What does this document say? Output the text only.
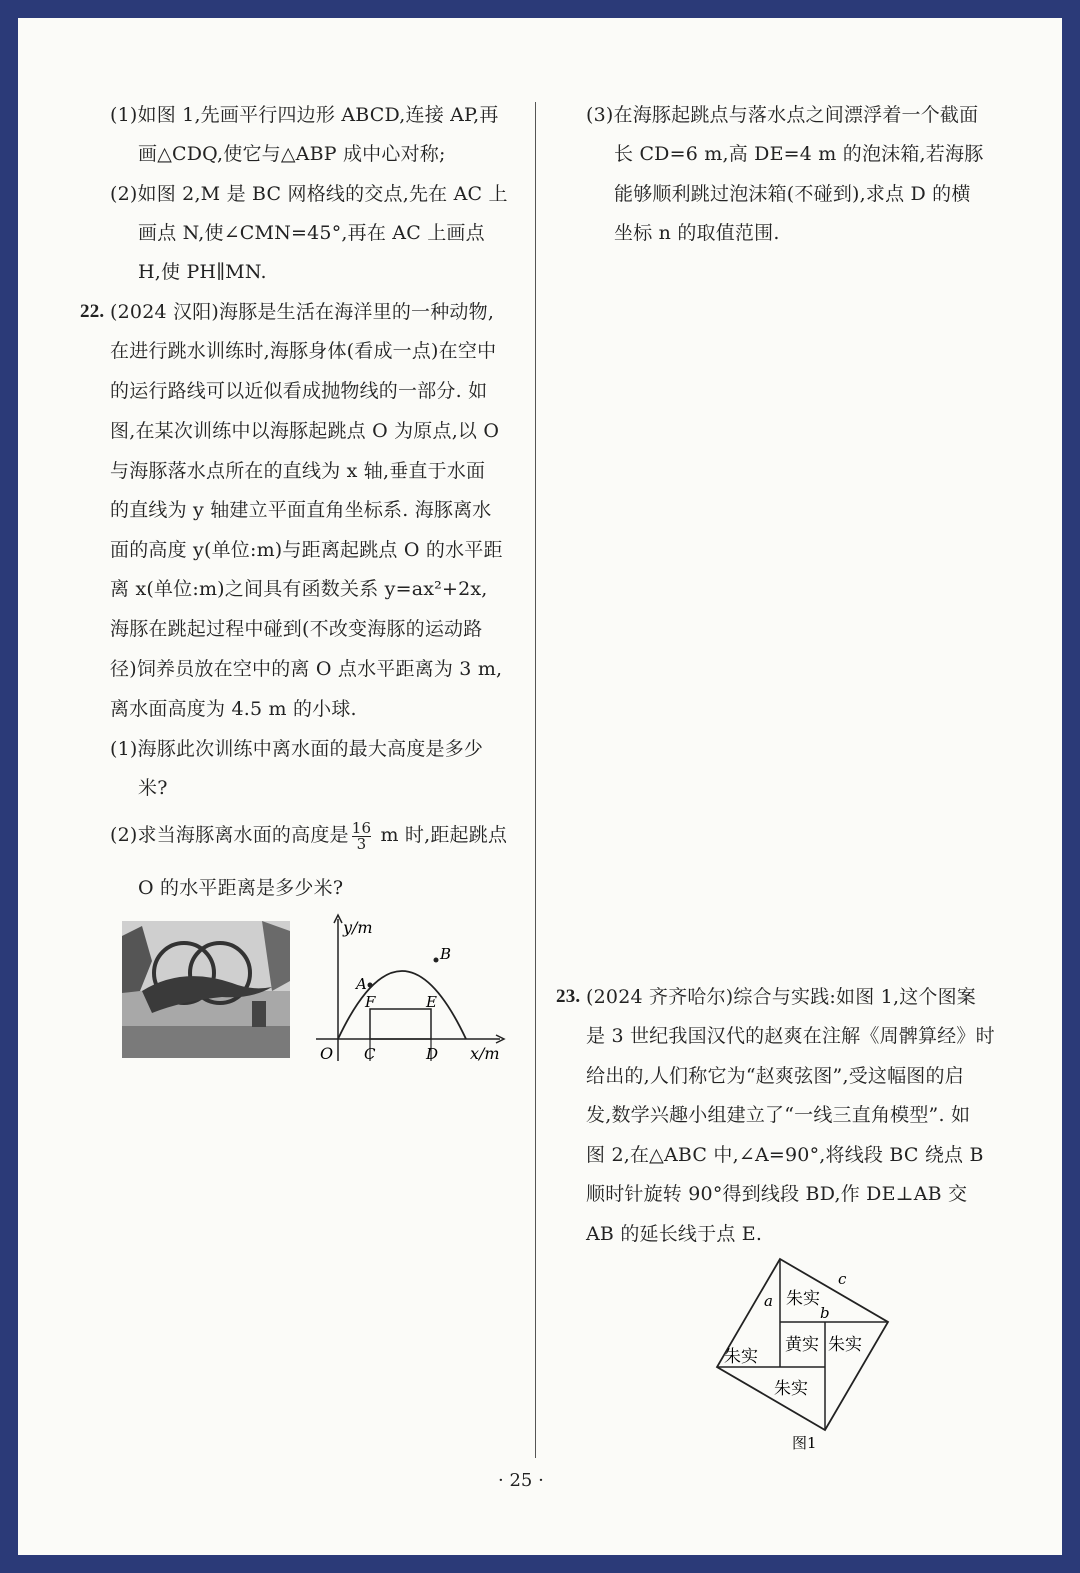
(1)如图 1,先画平行四边形 ABCD,连接 AP,再
画△CDQ,使它与△ABP 成中心对称;
(2)如图 2,M 是 BC 网格线的交点,先在 AC 上
画点 N,使∠CMN=45°,再在 AC 上画点
H,使 PH∥MN.
22. (2024 汉阳)海豚是生活在海洋里的一种动物,
在进行跳水训练时,海豚身体(看成一点)在空中
的运行路线可以近似看成抛物线的一部分. 如
图,在某次训练中以海豚起跳点 O 为原点,以 O
与海豚落水点所在的直线为 x 轴,垂直于水面
的直线为 y 轴建立平面直角坐标系. 海豚离水
面的高度 y(单位:m)与距离起跳点 O 的水平距
离 x(单位:m)之间具有函数关系 y=ax²+2x,
海豚在跳起过程中碰到(不改变海豚的运动路
径)饲养员放在空中的离 O 点水平距离为 3 m,
离水面高度为 4.5 m 的小球.
(1)海豚此次训练中离水面的最大高度是多少
米?
(2)求当海豚离水面的高度是 $\frac{16}{3}$ m 时,距起跳点
O 的水平距离是多少米?
y/m
x/m
O
A
B
E
F
C	D
(3)在海豚起跳点与落水点之间漂浮着一个截面
长 CD=6 m,高 DE=4 m 的泡沫箱,若海豚
能够顺利跳过泡沫箱(不碰到),求点 D 的横
坐标 n 的取值范围.
23. (2024 齐齐哈尔)综合与实践:如图 1,这个图案
是 3 世纪我国汉代的赵爽在注解《周髀算经》时
给出的,人们称它为“赵爽弦图”,受这幅图的启
发,数学兴趣小组建立了“一线三直角模型”. 如
图 2,在△ABC 中,∠A=90°,将线段 BC 绕点 B
顺时针旋转 90°得到线段 BD,作 DE⊥AB 交
AB 的延长线于点 E.
a
c
b
朱实
朱实
黄实 朱实
朱实
图1
· 25 ·
